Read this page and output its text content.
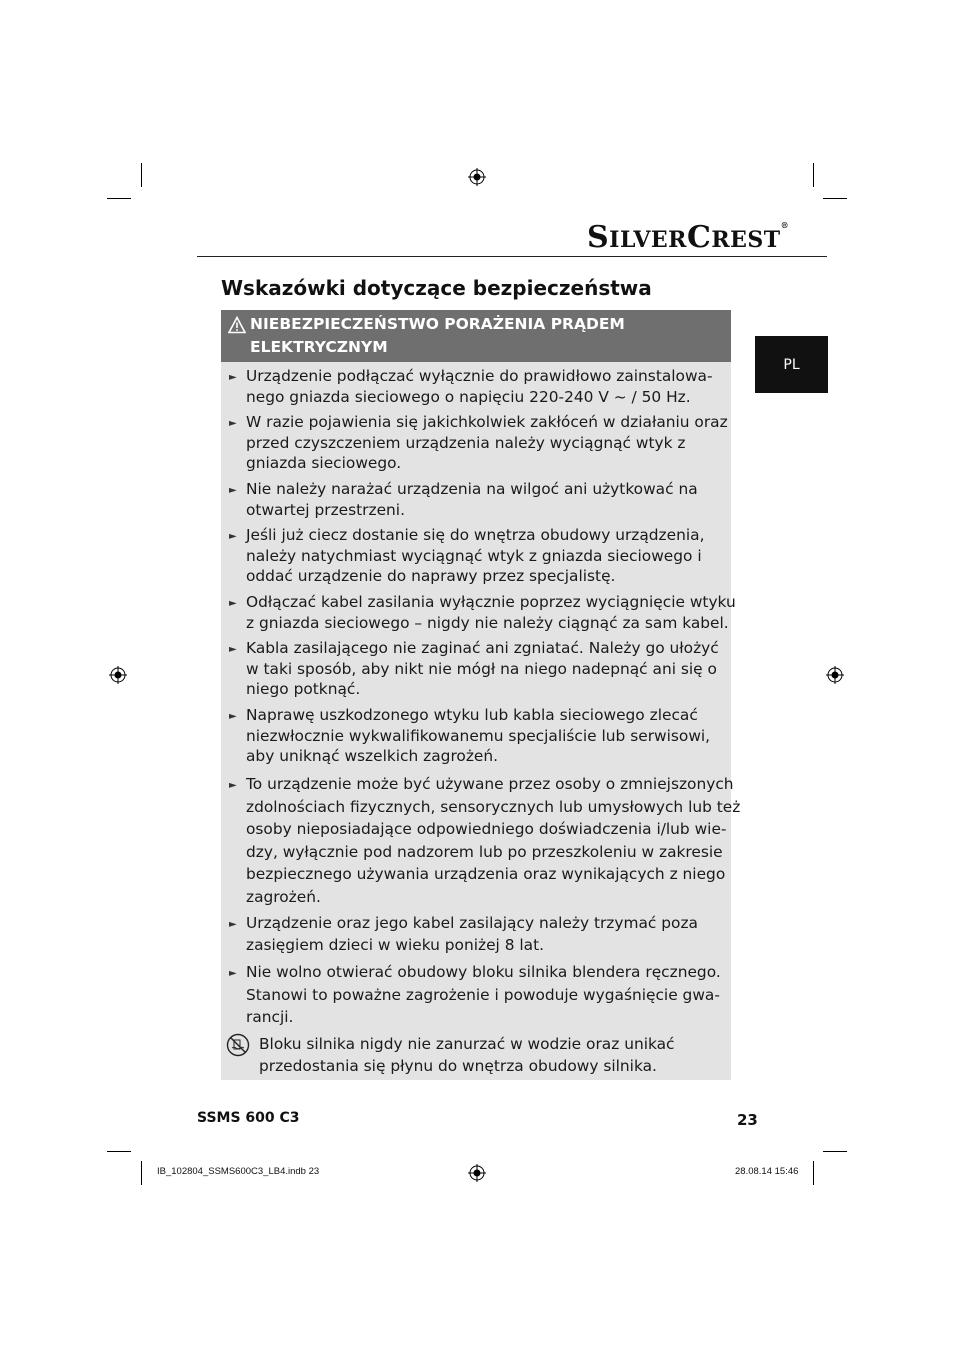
SILVERCREST®
Wskazówki dotyczące bezpieczeństwa
PL
NIEBEZPIECZEŃSTWO PORAŻENIA PRĄDEM
ELEKTRYCZNYM
► Urządzenie podłączać wyłącznie do prawidłowo zainstalowa-
nego gniazda sieciowego o napięciu 220-240 V ~ / 50 Hz.
► W razie pojawienia się jakichkolwiek zakłóceń w działaniu oraz
przed czyszczeniem urządzenia należy wyciągnąć wtyk z
gniazda sieciowego.
► Nie należy narażać urządzenia na wilgoć ani użytkować na
otwartej przestrzeni.
► Jeśli już ciecz dostanie się do wnętrza obudowy urządzenia,
należy natychmiast wyciągnąć wtyk z gniazda sieciowego i
oddać urządzenie do naprawy przez specjalistę.
► Odłączać kabel zasilania wyłącznie poprzez wyciągnięcie wtyku
z gniazda sieciowego – nigdy nie należy ciągnąć za sam kabel.
► Kabla zasilającego nie zaginać ani zgniatać. Należy go ułożyć
w taki sposób, aby nikt nie mógł na niego nadepnąć ani się o
niego potknąć.
► Naprawę uszkodzonego wtyku lub kabla sieciowego zlecać
niezwłocznie wykwalifikowanemu specjaliście lub serwisowi,
aby uniknąć wszelkich zagrożeń.
► To urządzenie może być używane przez osoby o zmniejszonych
zdolnościach fizycznych, sensorycznych lub umysłowych lub też
osoby nieposiadające odpowiedniego doświadczenia i/lub wie-
dzy, wyłącznie pod nadzorem lub po przeszkoleniu w zakresie
bezpiecznego używania urządzenia oraz wynikających z niego
zagrożeń.
► Urządzenie oraz jego kabel zasilający należy trzymać poza
zasięgiem dzieci w wieku poniżej 8 lat.
► Nie wolno otwierać obudowy bloku silnika blendera ręcznego.
Stanowi to poważne zagrożenie i powoduje wygaśnięcie gwa-
rancji.
Bloku silnika nigdy nie zanurzać w wodzie oraz unikać
przedostania się płynu do wnętrza obudowy silnika.
SSMS 600 C3	23
IB_102804_SSMS600C3_LB4.indb 23	28.08.14 15:46
